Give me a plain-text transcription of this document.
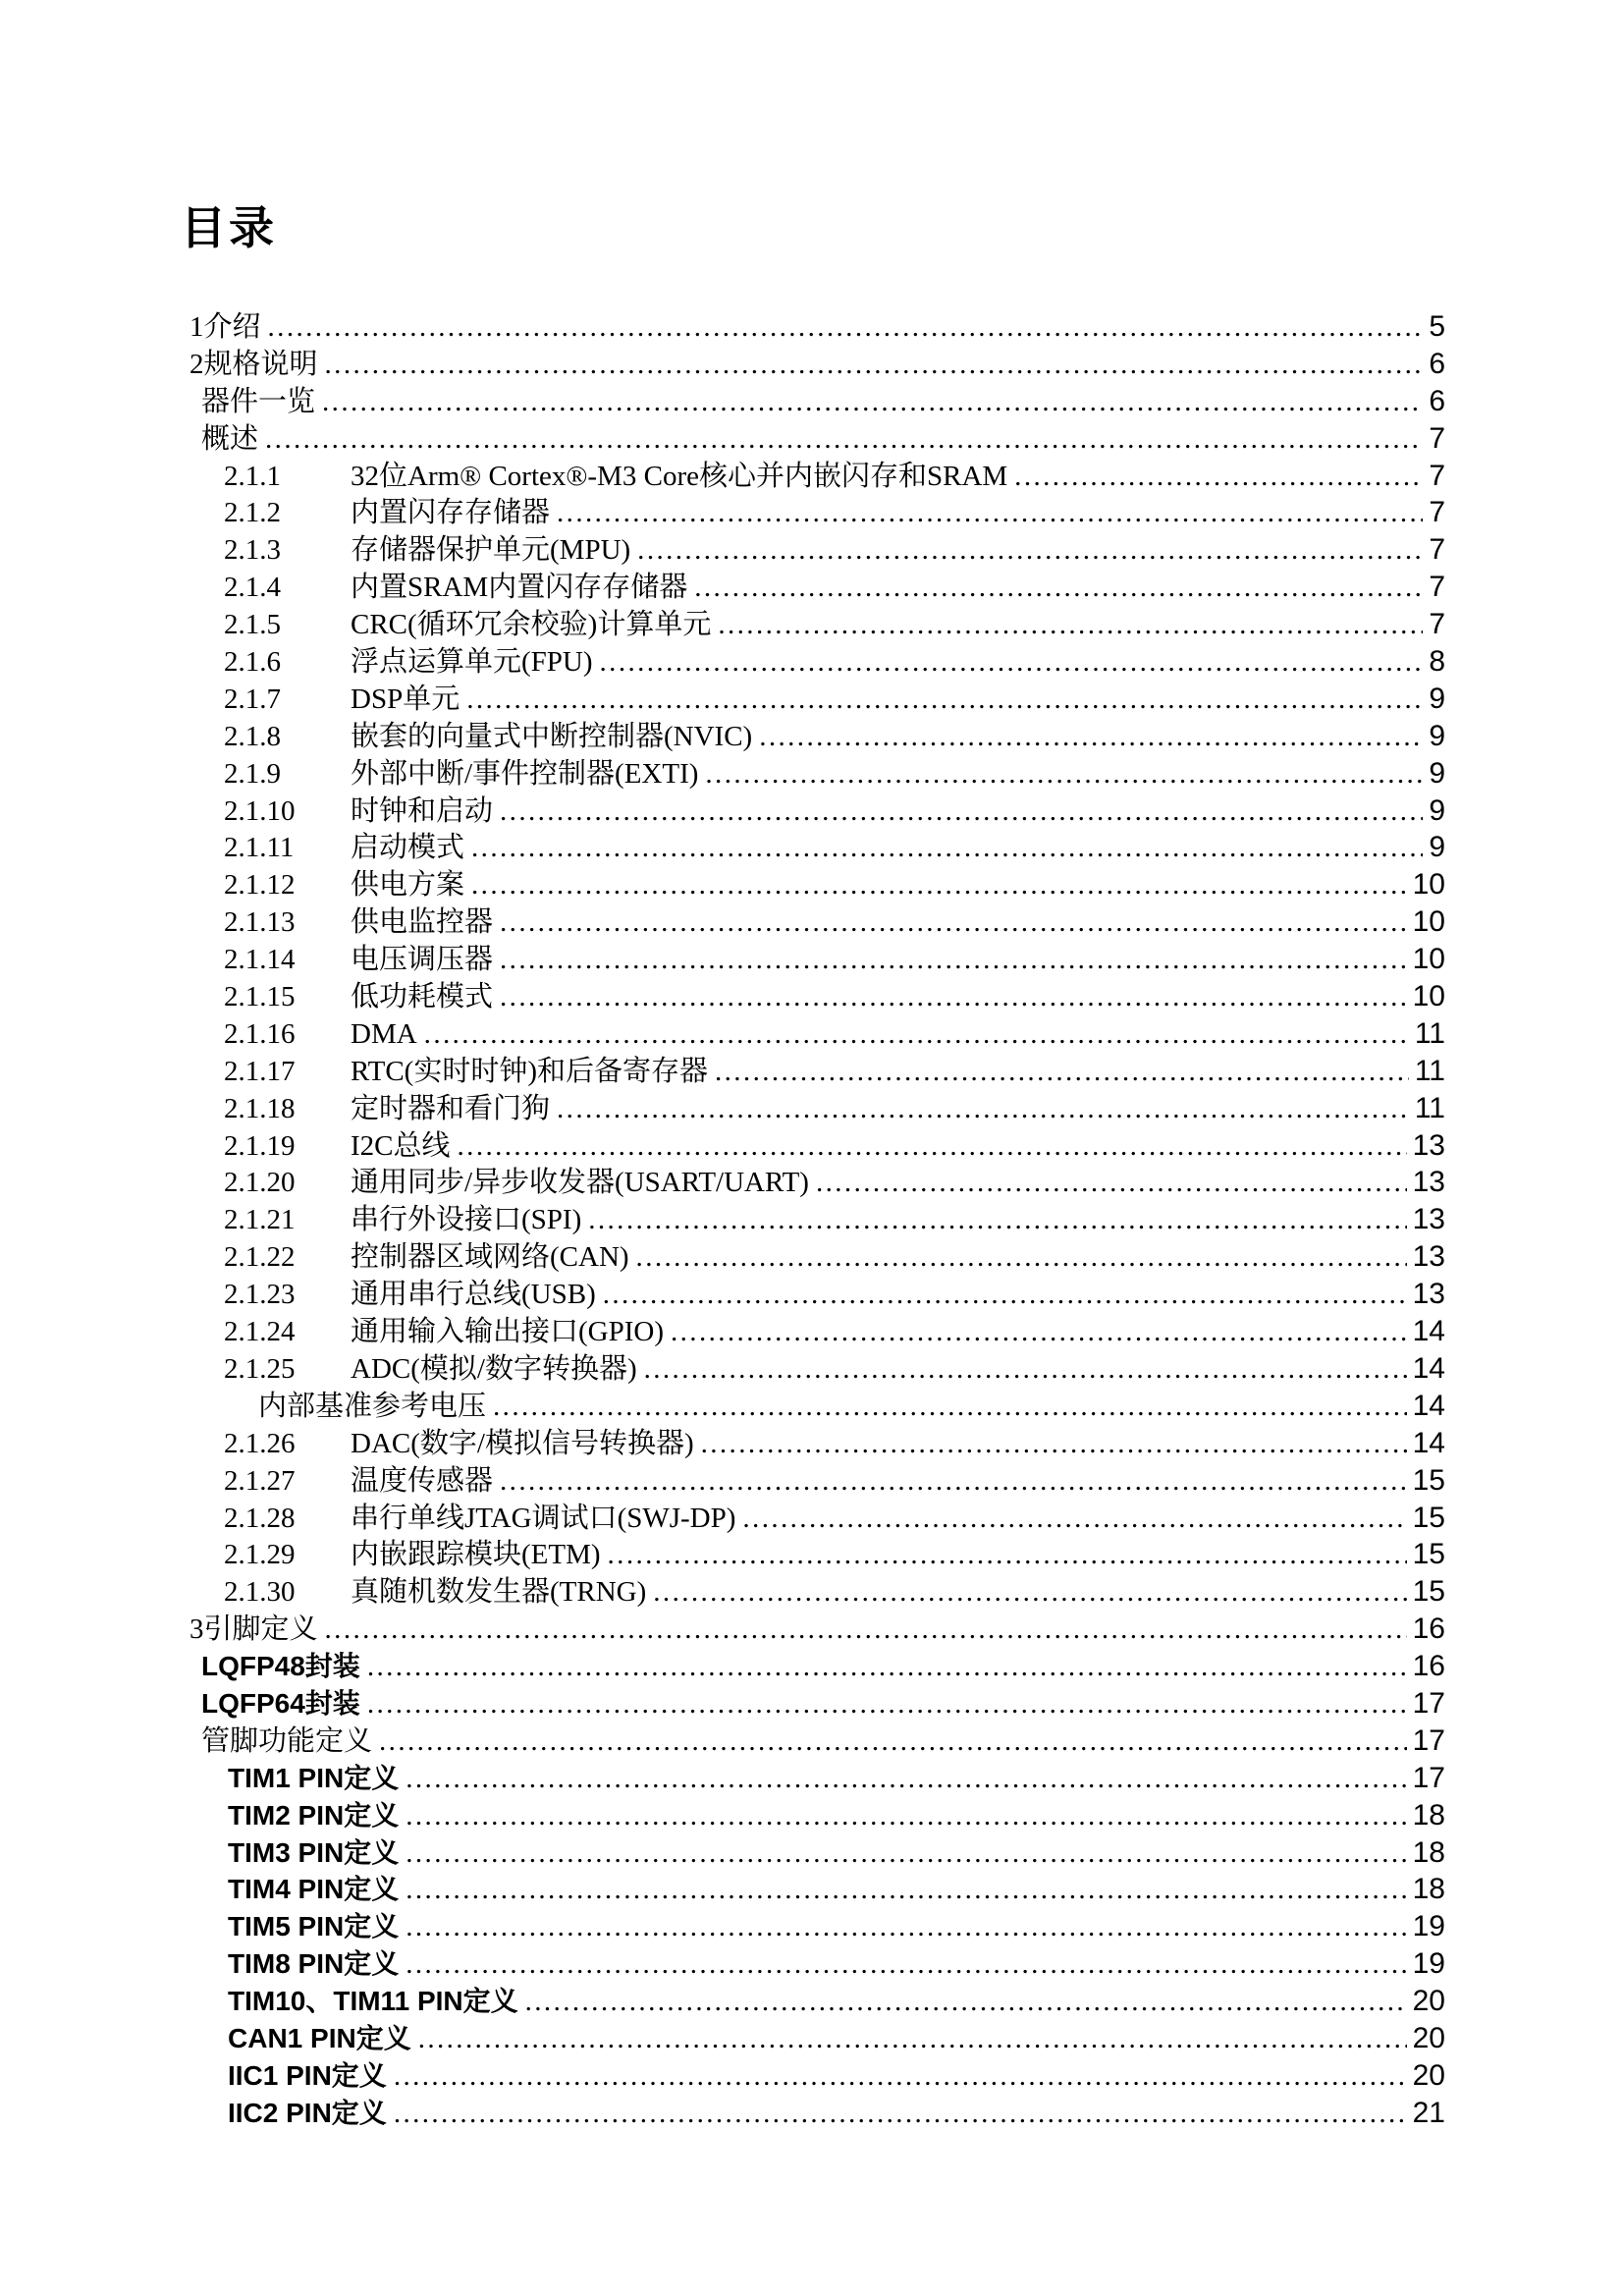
目录
1介绍 .....	5
2规格说明 .....	6
器件一览 .....	6
概述 .....	7
2.1.1	32位Arm® Cortex®-M3 Core核心并内嵌闪存和SRAM .....	7
2.1.2	内置闪存存储器 .....	7
2.1.3	存储器保护单元(MPU) .....	7
2.1.4	内置SRAM内置闪存存储器 .....	7
2.1.5	CRC(循环冗余校验)计算单元 .....	7
2.1.6	浮点运算单元(FPU) .....	8
2.1.7	DSP单元 .....	9
2.1.8	嵌套的向量式中断控制器(NVIC) .....	9
2.1.9	外部中断/事件控制器(EXTI) .....	9
2.1.10	时钟和启动 .....	9
2.1.11	启动模式 .....	9
2.1.12	供电方案 .....	10
2.1.13	供电监控器 .....	10
2.1.14	电压调压器 .....	10
2.1.15	低功耗模式 .....	10
2.1.16	DMA .....	11
2.1.17	RTC(实时时钟)和后备寄存器 .....	11
2.1.18	定时器和看门狗 .....	11
2.1.19	I2C总线 .....	13
2.1.20	通用同步/异步收发器(USART/UART) .....	13
2.1.21	串行外设接口(SPI) .....	13
2.1.22	控制器区域网络(CAN) .....	13
2.1.23	通用串行总线(USB) .....	13
2.1.24	通用输入输出接口(GPIO) .....	14
2.1.25	ADC(模拟/数字转换器) .....	14
内部基准参考电压 .....	14
2.1.26	DAC(数字/模拟信号转换器) .....	14
2.1.27	温度传感器 .....	15
2.1.28	串行单线JTAG调试口(SWJ-DP) .....	15
2.1.29	内嵌跟踪模块(ETM) .....	15
2.1.30	真随机数发生器(TRNG) .....	15
3引脚定义 .....	16
LQFP48封装 .....	16
LQFP64封装 .....	17
管脚功能定义 .....	17
TIM1 PIN定义 .....	17
TIM2 PIN定义 .....	18
TIM3 PIN定义 .....	18
TIM4 PIN定义 .....	18
TIM5 PIN定义 .....	19
TIM8 PIN定义 .....	19
TIM10、TIM11 PIN定义 .....	20
CAN1 PIN定义 .....	20
IIC1 PIN定义 .....	20
IIC2 PIN定义 .....	21
